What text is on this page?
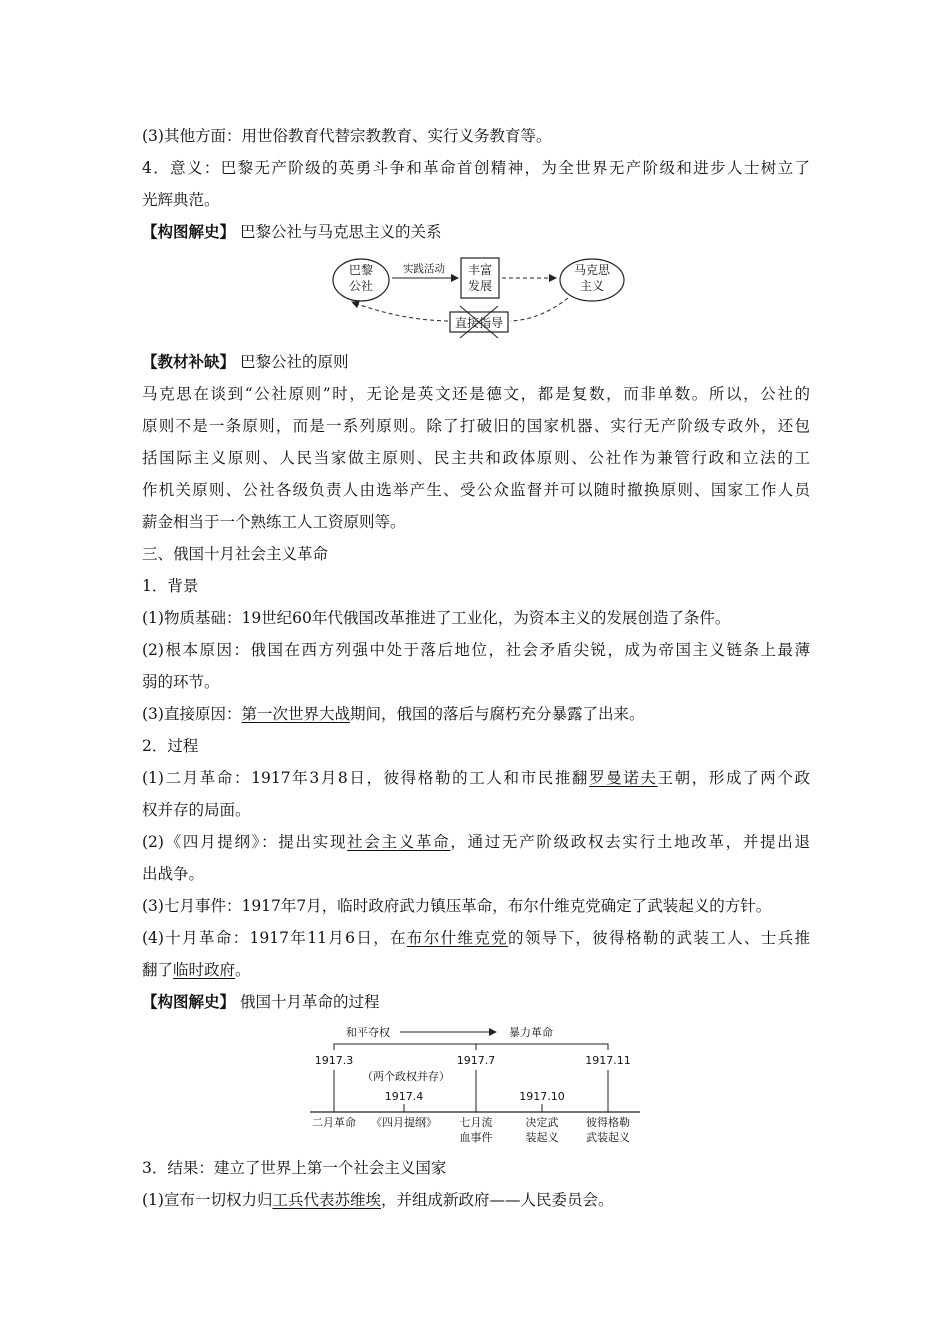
(3)其他方面：用世俗教育代替宗教教育、实行义务教育等。
4．意义：巴黎无产阶级的英勇斗争和革命首创精神，为全世界无产阶级和进步人士树立了
光辉典范。
【构图解史】 巴黎公社与马克思主义的关系
巴黎
公社
实践活动 丰富
发展
马克思
主义
直接指导
【教材补缺】 巴黎公社的原则
马克思在谈到“公社原则”时，无论是英文还是德文，都是复数，而非单数。所以，公社的
原则不是一条原则，而是一系列原则。除了打破旧的国家机器、实行无产阶级专政外，还包
括国际主义原则、人民当家做主原则、民主共和政体原则、公社作为兼管行政和立法的工
作机关原则、公社各级负责人由选举产生、受公众监督并可以随时撤换原则、国家工作人员
薪金相当于一个熟练工人工资原则等。
三、俄国十月社会主义革命
1．背景
(1)物质基础：19世纪60年代俄国改革推进了工业化，为资本主义的发展创造了条件。
(2)根本原因：俄国在西方列强中处于落后地位，社会矛盾尖锐，成为帝国主义链条上最薄
弱的环节。
(3)直接原因：第一次世界大战期间，俄国的落后与腐朽充分暴露了出来。
2．过程
(1)二月革命：1917年3月8日，彼得格勒的工人和市民推翻罗曼诺夫王朝，形成了两个政
权并存的局面。
(2)《四月提纲》：提出实现社会主义革命，通过无产阶级政权去实行土地改革，并提出退
出战争。
(3)七月事件：1917年7月，临时政府武力镇压革命，布尔什维克党确定了武装起义的方针。
(4)十月革命：1917年11月6日，在布尔什维克党的领导下，彼得格勒的武装工人、士兵推
翻了临时政府。
【构图解史】 俄国十月革命的过程
和平夺权	暴力革命
1917.3	1917.7	1917.11
（两个政权并存）
1917.4	1917.10
二月革命 《四月提纲》 七月流
血事件
决定武
装起义
彼得格勒
武装起义
3．结果：建立了世界上第一个社会主义国家
(1)宣布一切权力归工兵代表苏维埃，并组成新政府——人民委员会。
